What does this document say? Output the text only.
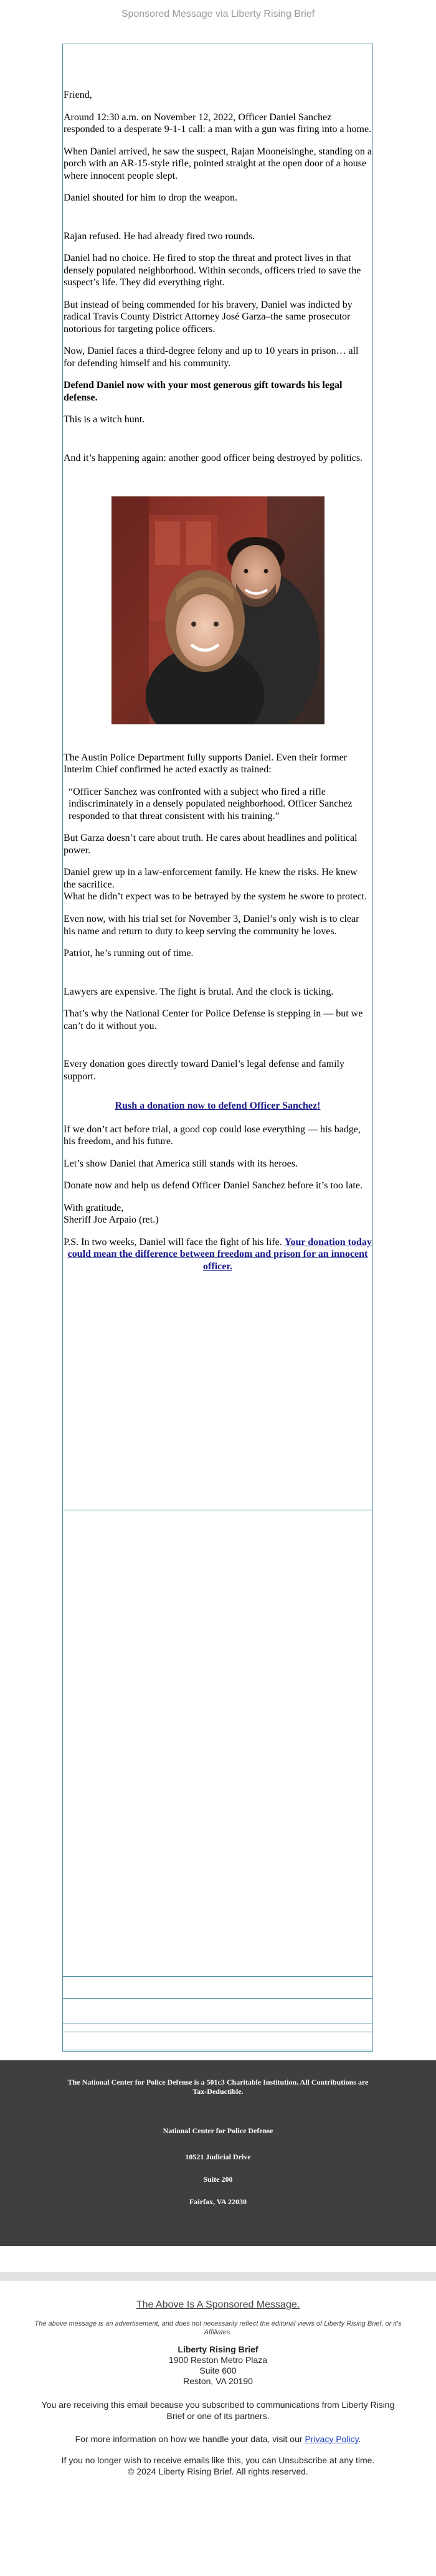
Sponsored Message via Liberty Rising Brief

Friend,

Around 12:30 a.m. on November 12, 2022, Officer Daniel Sanchez responded to a desperate 9-1-1 call: a man with a gun was firing into a home.

When Daniel arrived, he saw the suspect, Rajan Mooneisinghe, standing on a porch with an AR-15-style rifle, pointed straight at the open door of a house where innocent people slept.

Daniel shouted for him to drop the weapon.

Rajan refused. He had already fired two rounds.

Daniel had no choice. He fired to stop the threat and protect lives in that densely populated neighborhood. Within seconds, officers tried to save the suspect’s life. They did everything right.

But instead of being commended for his bravery, Daniel was indicted by radical Travis County District Attorney José Garza–the same prosecutor notorious for targeting police officers.

Now, Daniel faces a third-degree felony and up to 10 years in prison… all for defending himself and his community.

Defend Daniel now with your most generous gift towards his legal defense.

This is a witch hunt.

And it’s happening again: another good officer being destroyed by politics.

The Austin Police Department fully supports Daniel. Even their former Interim Chief confirmed he acted exactly as trained:

“Officer Sanchez was confronted with a subject who fired a rifle indiscriminately in a densely populated neighborhood. Officer Sanchez responded to that threat consistent with his training.”

But Garza doesn’t care about truth. He cares about headlines and political power.

Daniel grew up in a law-enforcement family. He knew the risks. He knew the sacrifice.

What he didn’t expect was to be betrayed by the system he swore to protect.

Even now, with his trial set for November 3, Daniel’s only wish is to clear his name and return to duty to keep serving the community he loves.

Patriot, he’s running out of time.

Lawyers are expensive. The fight is brutal. And the clock is ticking.

That’s why the National Center for Police Defense is stepping in — but we can’t do it without you.

Every donation goes directly toward Daniel’s legal defense and family support.

Rush a donation now to defend Officer Sanchez!

If we don’t act before trial, a good cop could lose everything — his badge, his freedom, and his future.

Let’s show Daniel that America still stands with its heroes.

Donate now and help us defend Officer Daniel Sanchez before it’s too late.

With gratitude,

Sheriff Joe Arpaio (ret.)

P.S. In two weeks, Daniel will face the fight of his life. Your donation today could mean the difference between freedom and prison for an innocent officer.

The National Center for Police Defense is a 501c3 Charitable Institution. All Contributions are Tax-Deductible.
National Center for Police Defense
10521 Judicial Drive
Suite 200
Fairfax, VA 22030
The Above Is A Sponsored Message.
The above message is an advertisement, and does not necessarily reflect the editorial views of Liberty Rising Brief, or it's Affiliates.
Liberty Rising Brief
1900 Reston Metro Plaza
Suite 600
Reston, VA 20190
You are receiving this email because you subscribed to communications from Liberty Rising Brief or one of its partners.
For more information on how we handle your data, visit our Privacy Policy.
If you no longer wish to receive emails like this, you can Unsubscribe at any time.
© 2024 Liberty Rising Brief. All rights reserved.
